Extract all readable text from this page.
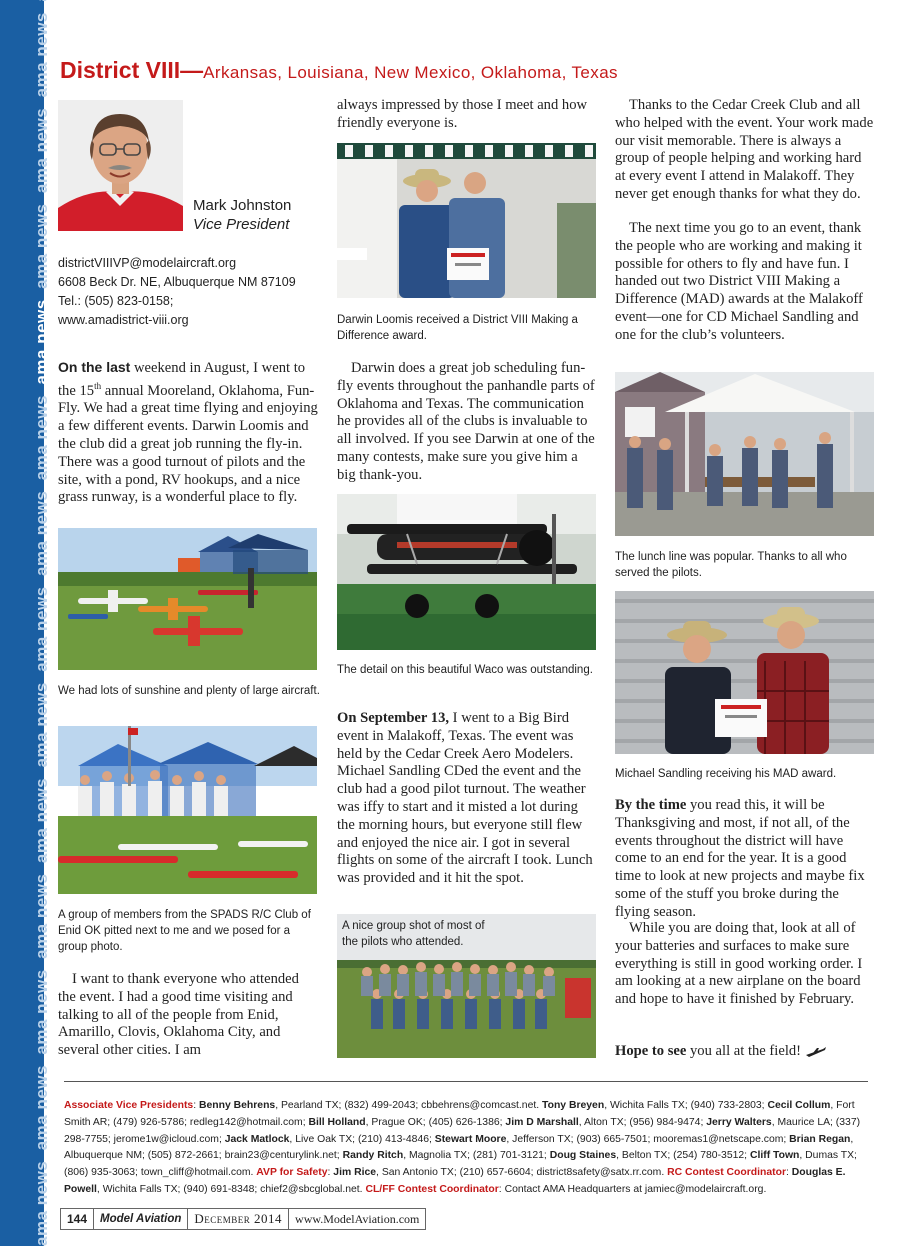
ama news  ama news  ama news  ama news  ama news  ama news  ama news  ama news  ama news  ama news  ama news  ama news  ama news District VIII—Arkansas, Louisiana, New Mexico, Oklahoma, Texas
Mark Johnston
Vice President
districtVIIIVP@modelaircraft.org
6608 Beck Dr. NE, Albuquerque NM 87109
Tel.: (505) 823-0158;
www.amadistrict-viii.org

On the last weekend in August, I went to the 15th annual Mooreland, Oklahoma, Fun-Fly. We had a great time flying and enjoying a few different events. Darwin Loomis and the club did a great job running the fly-in. There was a good turnout of pilots and the site, with a pond, RV hookups, and a nice grass runway, is a wonderful place to fly.

We had lots of sunshine and plenty of large aircraft.
A group of members from the SPADS R/C Club of Enid OK pitted next to me and we posed for a group photo.
I want to thank everyone who attended the event. I had a good time visiting and talking to all of the people from Enid, Amarillo, Clovis, Oklahoma City, and several other cities. I am
always impressed by those I meet and how friendly everyone is.
Darwin Loomis received a District VIII Making a Difference award.
Darwin does a great job scheduling fun-fly events throughout the panhandle parts of Oklahoma and Texas. The communication he provides all of the clubs is invaluable to all involved. If you see Darwin at one of the many contests, make sure you give him a big thank-you.
The detail on this beautiful Waco was outstanding.

On September 13, I went to a Big Bird event in Malakoff, Texas. The event was held by the Cedar Creek Aero Modelers. Michael Sandling CDed the event and the club had a good pilot turnout. The weather was iffy to start and it misted a lot during the morning hours, but everyone still flew and enjoyed the nice air. I got in several flights on some of the aircraft I took. Lunch was provided and it hit the spot.

A nice group shot of most of the pilots who attended.
Thanks to the Cedar Creek Club and all who helped with the event. Your work made our visit memorable. There is always a group of people helping and working hard at every event I attend in Malakoff. They never get enough thanks for what they do.
The next time you go to an event, thank the people who are working and making it possible for others to fly and have fun. I handed out two District VIII Making a Difference (MAD) awards at the Malakoff event—one for CD Michael Sandling and one for the club’s volunteers.
The lunch line was popular. Thanks to all who served the pilots.
Michael Sandling receiving his MAD award.

By the time you read this, it will be Thanksgiving and most, if not all, of the events throughout the district will have come to an end for the year. It is a good time to look at new projects and maybe fix some of the stuff you broke during the flying season.

While you are doing that, look at all of your batteries and surfaces to make sure everything is still in good working order. I am looking at a new airplane on the board and hope to have it finished by February.

Hope to see you all at the field!

Associate Vice Presidents: Benny Behrens, Pearland TX; (832) 499-2043; cbbehrens@comcast.net. Tony Breyen, Wichita Falls TX; (940) 733-2803; Cecil Collum, Fort Smith AR; (479) 926-5786; redleg142@hotmail.com; Bill Holland, Prague OK; (405) 626-1386; Jim D Marshall, Alton TX; (956) 984-9474; Jerry Walters, Maurice LA; (337) 298-7755; jerome1w@icloud.com; Jack Matlock, Live Oak TX; (210) 413-4846; Stewart Moore, Jefferson TX; (903) 665-7501; mooremas1@netscape.com; Brian Regan, Albuquerque NM; (505) 872-2661; brain23@centurylink.net; Randy Ritch, Magnolia TX; (281) 701-3121; Doug Staines, Belton TX; (254) 780-3512; Cliff Town, Dumas TX; (806) 935-3063; town_cliff@hotmail.com. AVP for Safety: Jim Rice, San Antonio TX; (210) 657-6604; district8safety@satx.rr.com. RC Contest Coordinator: Douglas E. Powell, Wichita Falls TX; (940) 691-8348; chief2@sbcglobal.net. CL/FF Contest Coordinator: Contact AMA Headquarters at jamiec@modelaircraft.org.
144	Model Aviation	December 2014	www.ModelAviation.com
